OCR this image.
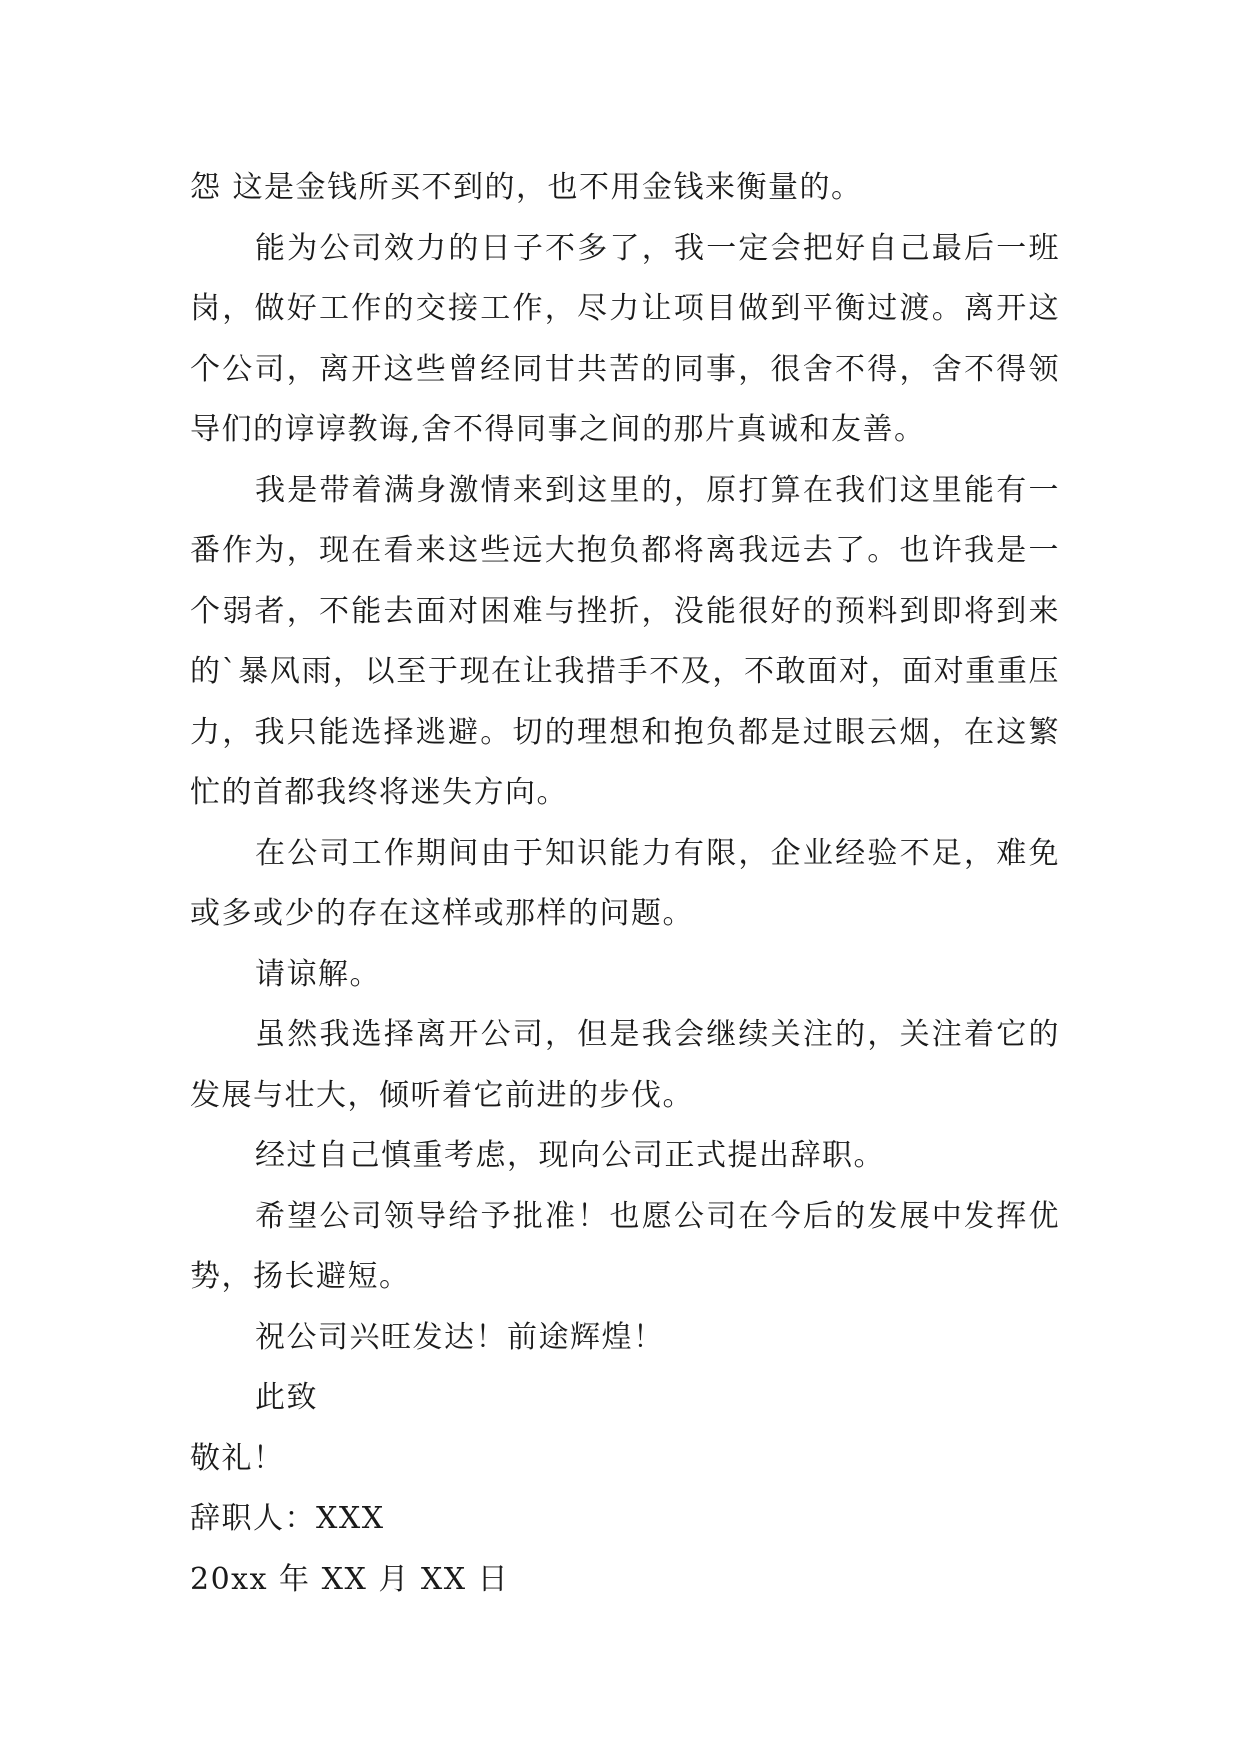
怨 这是金钱所买不到的，也不用金钱来衡量的。

能为公司效力的日子不多了，我一定会把好自己最后一班岗，做好工作的交接工作，尽力让项目做到平衡过渡。离开这个公司，离开这些曾经同甘共苦的同事，很舍不得，舍不得领导们的谆谆教诲,舍不得同事之间的那片真诚和友善。

我是带着满身激情来到这里的，原打算在我们这里能有一番作为，现在看来这些远大抱负都将离我远去了。也许我是一个弱者，不能去面对困难与挫折，没能很好的预料到即将到来的`暴风雨，以至于现在让我措手不及，不敢面对，面对重重压力，我只能选择逃避。切的理想和抱负都是过眼云烟，在这繁忙的首都我终将迷失方向。

在公司工作期间由于知识能力有限，企业经验不足，难免或多或少的存在这样或那样的问题。

请谅解。

虽然我选择离开公司，但是我会继续关注的，关注着它的发展与壮大，倾听着它前进的步伐。

经过自己慎重考虑，现向公司正式提出辞职。

希望公司领导给予批准！也愿公司在今后的发展中发挥优势，扬长避短。

祝公司兴旺发达！前途辉煌！

此致

敬礼！

辞职人：XXX

20xx 年 XX 月 XX 日
